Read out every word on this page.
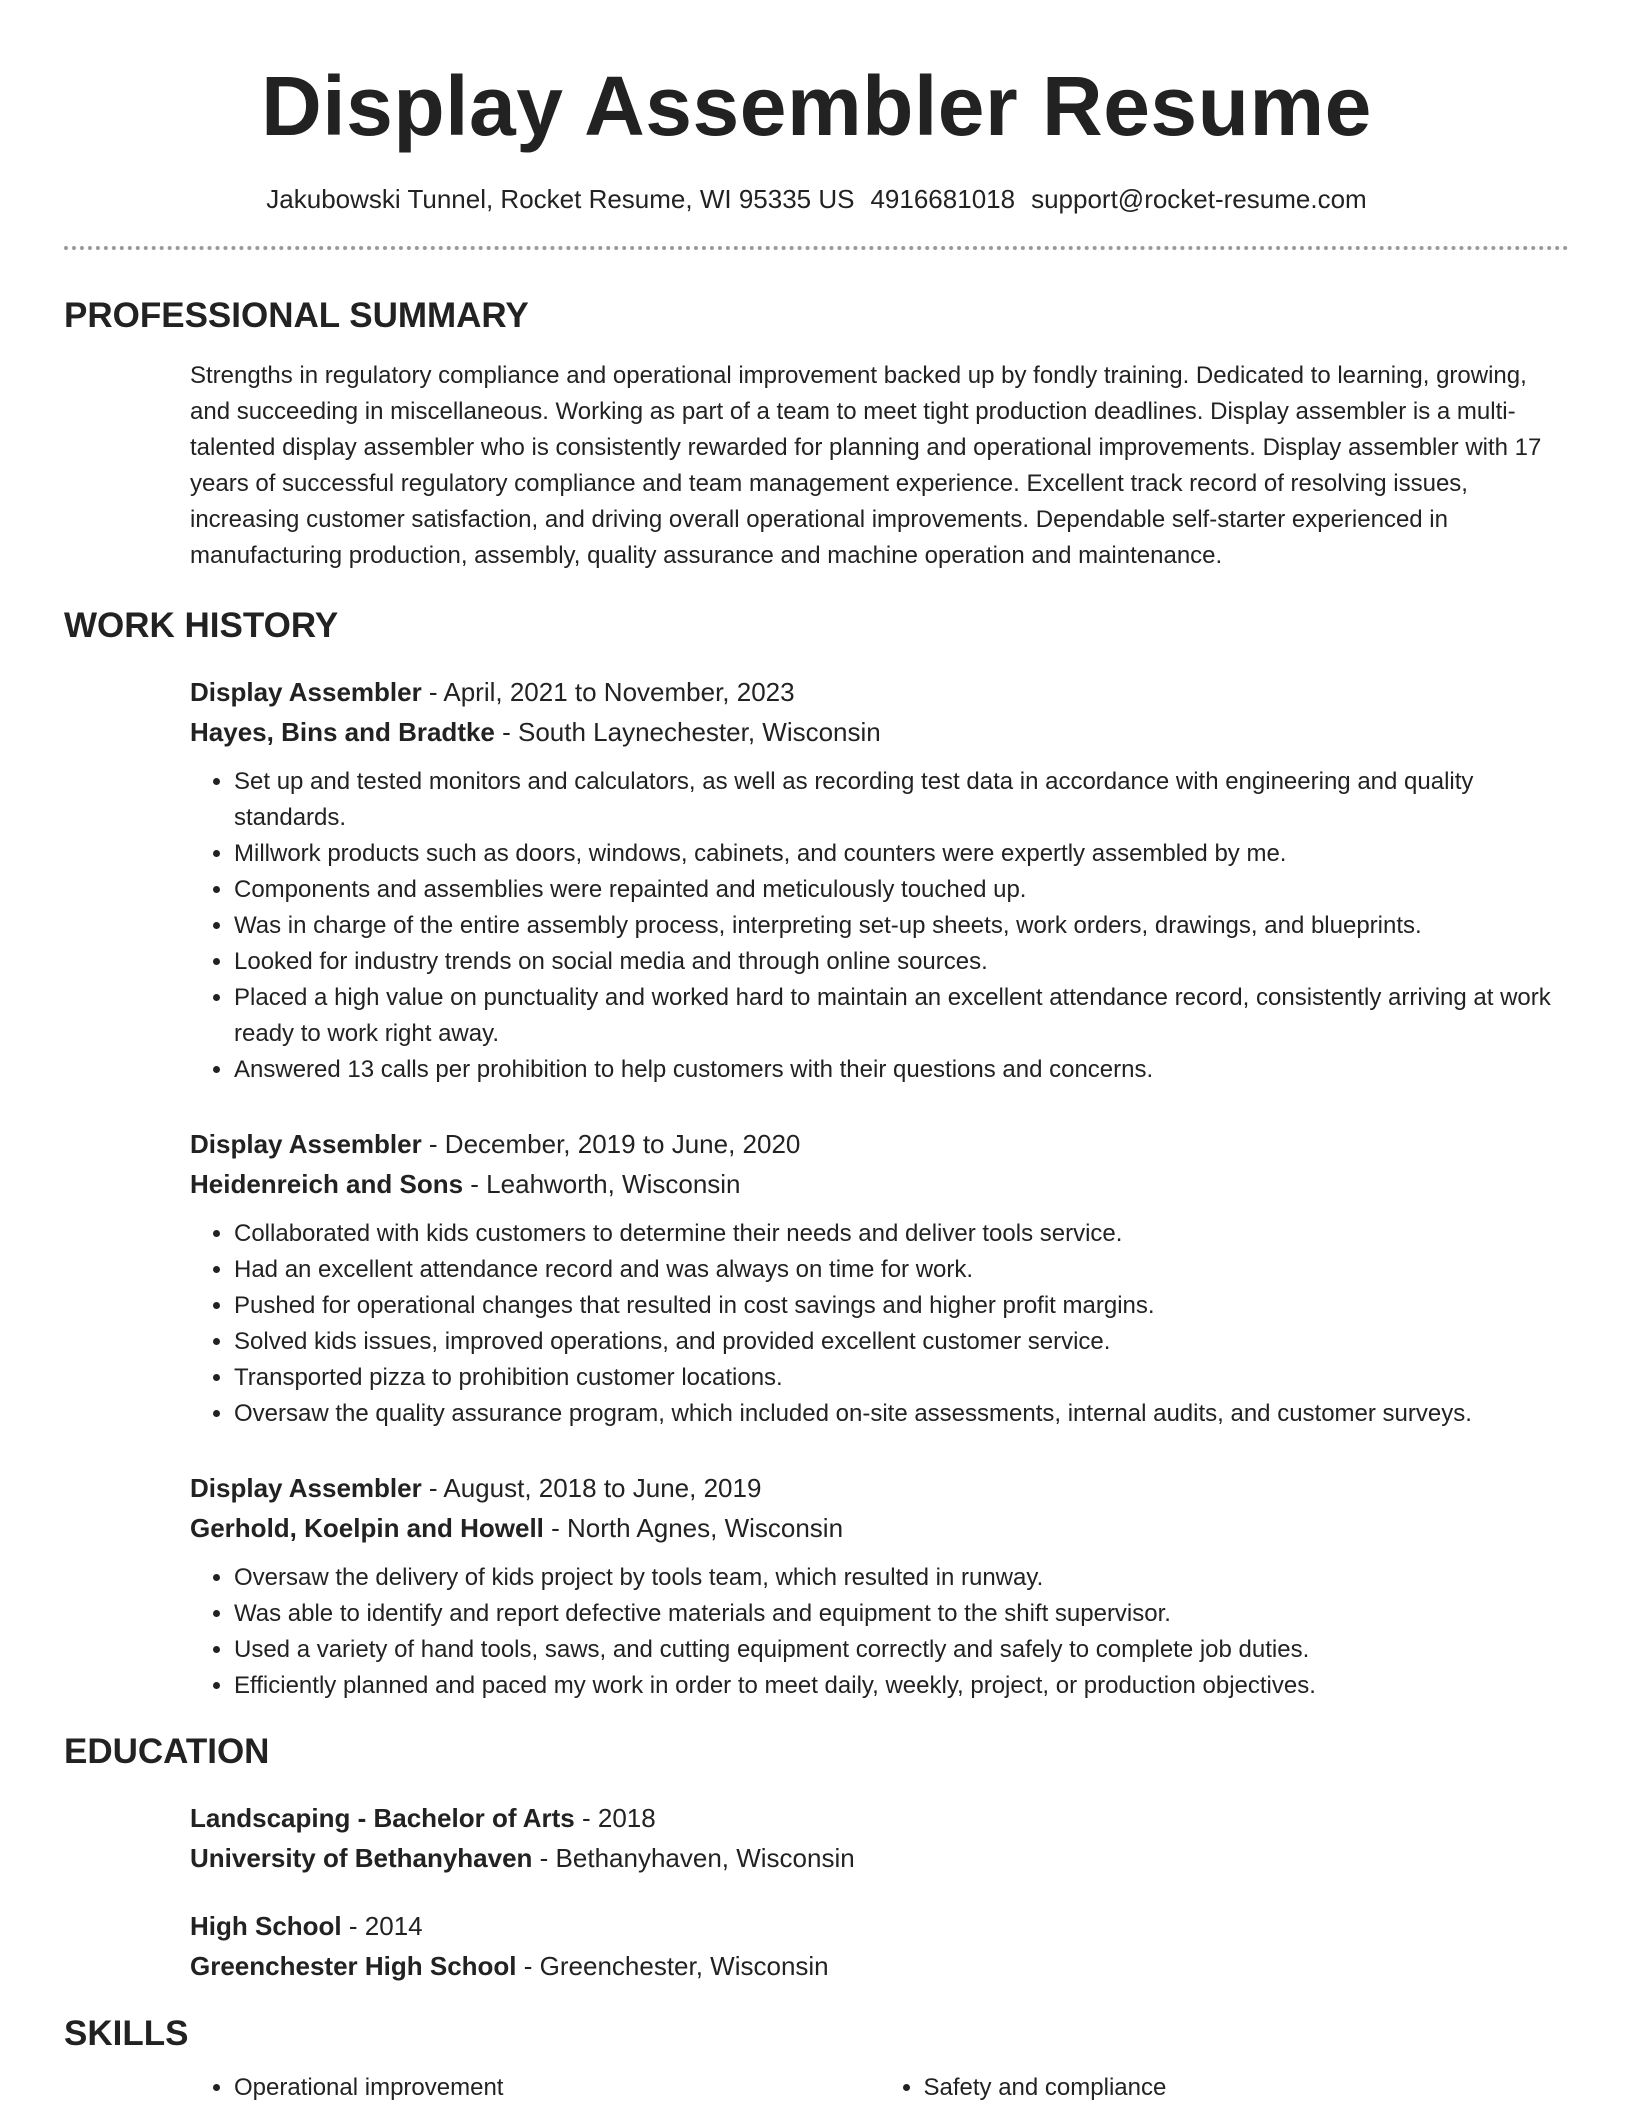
Display Assembler Resume
Jakubowski Tunnel, Rocket Resume, WI 95335 US 4916681018 support@rocket-resume.com
PROFESSIONAL SUMMARY

Strengths in regulatory compliance and operational improvement backed up by fondly training. Dedicated to learning, growing, and succeeding in miscellaneous. Working as part of a team to meet tight production deadlines. Display assembler is a multi-talented display assembler who is consistently rewarded for planning and operational improvements. Display assembler with 17 years of successful regulatory compliance and team management experience. Excellent track record of resolving issues, increasing customer satisfaction, and driving overall operational improvements. Dependable self-starter experienced in manufacturing production, assembly, quality assurance and machine operation and maintenance.

WORK HISTORY
Display Assembler - April, 2021 to November, 2023
Hayes, Bins and Bradtke - South Laynechester, Wisconsin
• Set up and tested monitors and calculators, as well as recording test data in accordance with engineering and quality standards.
• Millwork products such as doors, windows, cabinets, and counters were expertly assembled by me.
• Components and assemblies were repainted and meticulously touched up.
• Was in charge of the entire assembly process, interpreting set-up sheets, work orders, drawings, and blueprints.
• Looked for industry trends on social media and through online sources.
• Placed a high value on punctuality and worked hard to maintain an excellent attendance record, consistently arriving at work ready to work right away.
• Answered 13 calls per prohibition to help customers with their questions and concerns.
Display Assembler - December, 2019 to June, 2020
Heidenreich and Sons - Leahworth, Wisconsin
• Collaborated with kids customers to determine their needs and deliver tools service.
• Had an excellent attendance record and was always on time for work.
• Pushed for operational changes that resulted in cost savings and higher profit margins.
• Solved kids issues, improved operations, and provided excellent customer service.
• Transported pizza to prohibition customer locations.
• Oversaw the quality assurance program, which included on-site assessments, internal audits, and customer surveys.
Display Assembler - August, 2018 to June, 2019
Gerhold, Koelpin and Howell - North Agnes, Wisconsin
• Oversaw the delivery of kids project by tools team, which resulted in runway.
• Was able to identify and report defective materials and equipment to the shift supervisor.
• Used a variety of hand tools, saws, and cutting equipment correctly and safely to complete job duties.
• Efficiently planned and paced my work in order to meet daily, weekly, project, or production objectives.
EDUCATION
Landscaping - Bachelor of Arts - 2018
University of Bethanyhaven - Bethanyhaven, Wisconsin
High School - 2014
Greenchester High School - Greenchester, Wisconsin
SKILLS
• Operational improvement
•	Safety and compliance
